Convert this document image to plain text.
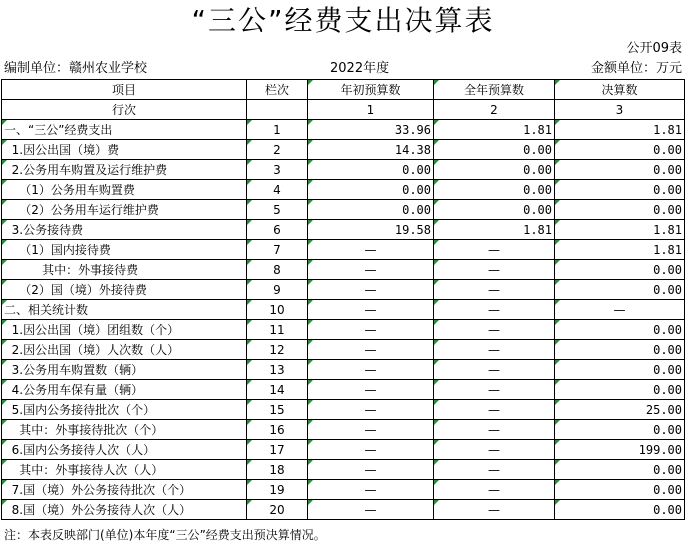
“三公”经费支出决算表
公开09表
编制单位：赣州农业学校	2022年度	金额单位：万元
项目	栏次	年初预算数	全年预算数	决算数
行次		1	2	3
一、“三公”经费支出	1	33.96	1.81	1.81
1.因公出国（境）费	2	14.38	0.00	0.00
2.公务用车购置及运行维护费	3	0.00	0.00	0.00
（1）公务用车购置费	4	0.00	0.00	0.00
（2）公务用车运行维护费	5	0.00	0.00	0.00
3.公务接待费	6	19.58	1.81	1.81
（1）国内接待费	7	—	—	1.81
其中：外事接待费	8	—	—	0.00
（2）国（境）外接待费	9	—	—	0.00
二、相关统计数	10	—	—	—
1.因公出国（境）团组数（个）	11	—	—	0.00
2.因公出国（境）人次数（人）	12	—	—	0.00
3.公务用车购置数（辆）	13	—	—	0.00
4.公务用车保有量（辆）	14	—	—	0.00
5.国内公务接待批次（个）	15	—	—	25.00
其中：外事接待批次（个）	16	—	—	0.00
6.国内公务接待人次（人）	17	—	—	199.00
其中：外事接待人次（人）	18	—	—	0.00
7.国（境）外公务接待批次（个）	19	—	—	0.00
8.国（境）外公务接待人次（人）	20	—	—	0.00
注：本表反映部门(单位)本年度“三公”经费支出预决算情况。
